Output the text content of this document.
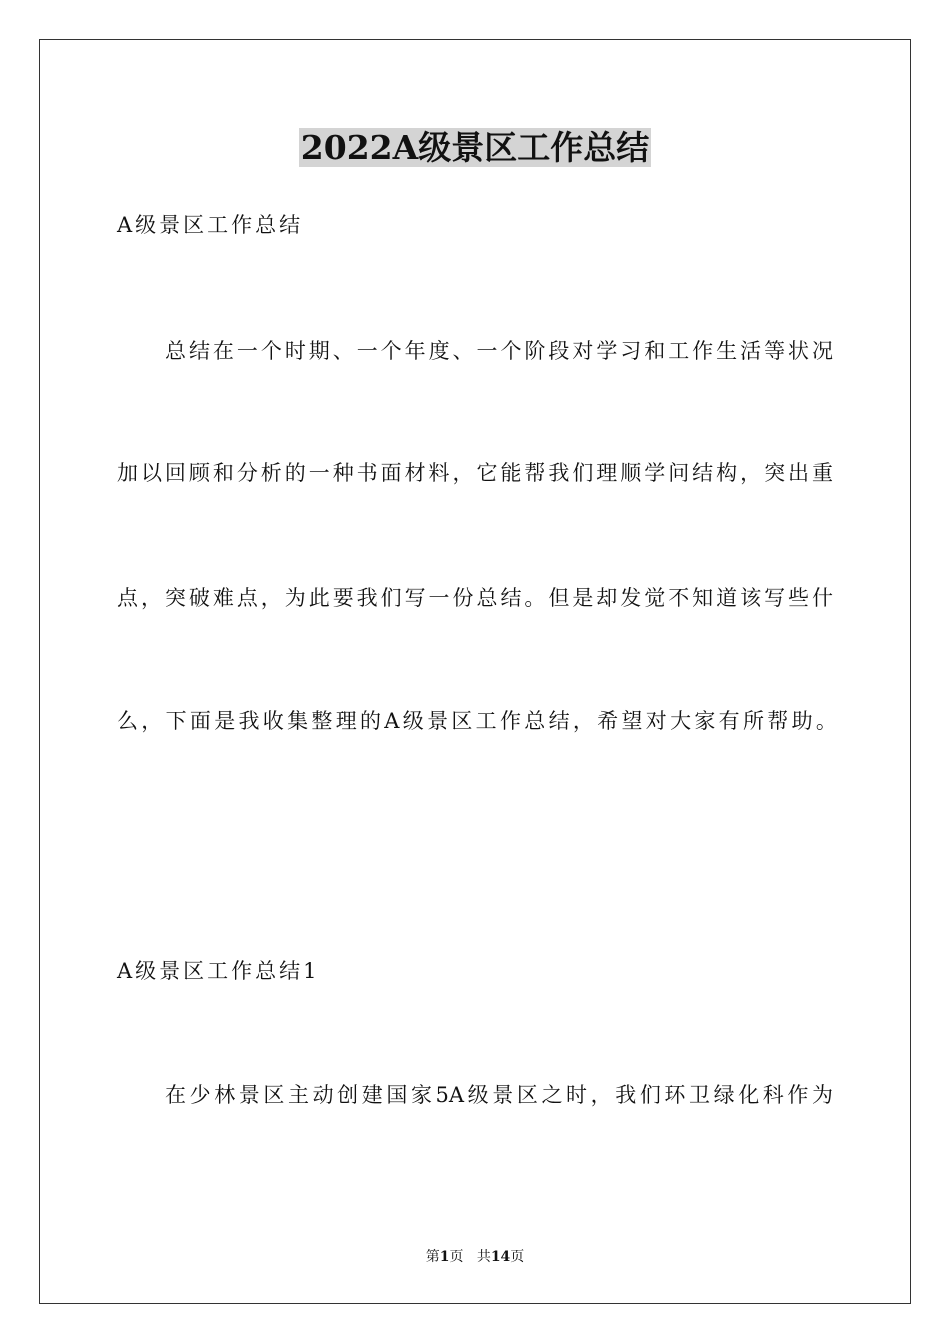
2022A级景区工作总结
A级景区工作总结
总结在一个时期、一个年度、一个阶段对学习和工作生活等状况
加以回顾和分析的一种书面材料，它能帮我们理顺学问结构，突出重
点，突破难点，为此要我们写一份总结。但是却发觉不知道该写些什
么，下面是我收集整理的A级景区工作总结，希望对大家有所帮助。
A级景区工作总结1
在少林景区主动创建国家5A级景区之时，我们环卫绿化科作为
第1页 共14页
